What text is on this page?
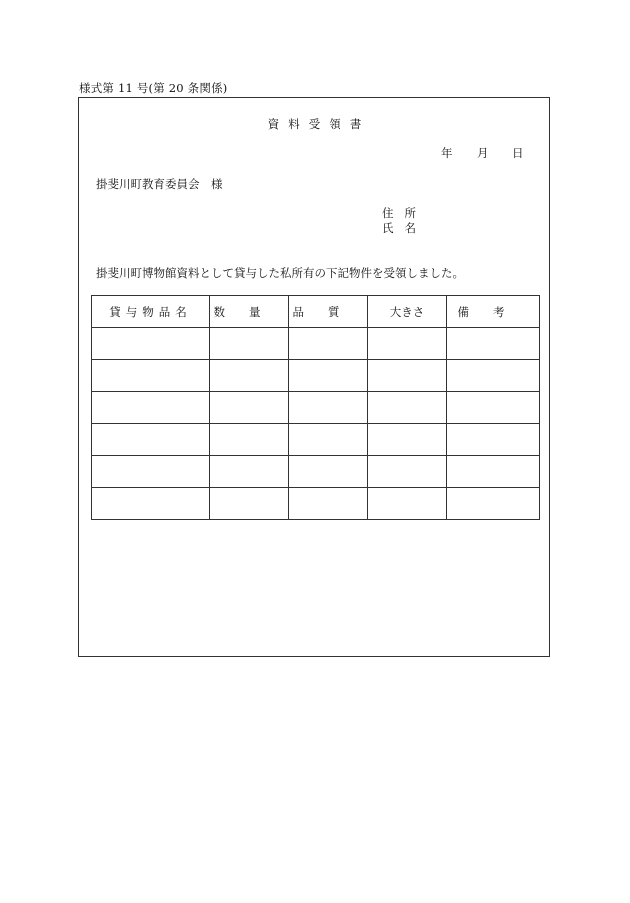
様式第 11 号(第 20 条関係)
資料受領書
年 月 日
掛斐川町教育委員会　様
住所
氏名
掛斐川町博物館資料として貸与した私所有の下記物件を受領しました。
貸与物品名	数量	品質	大きさ	備考
